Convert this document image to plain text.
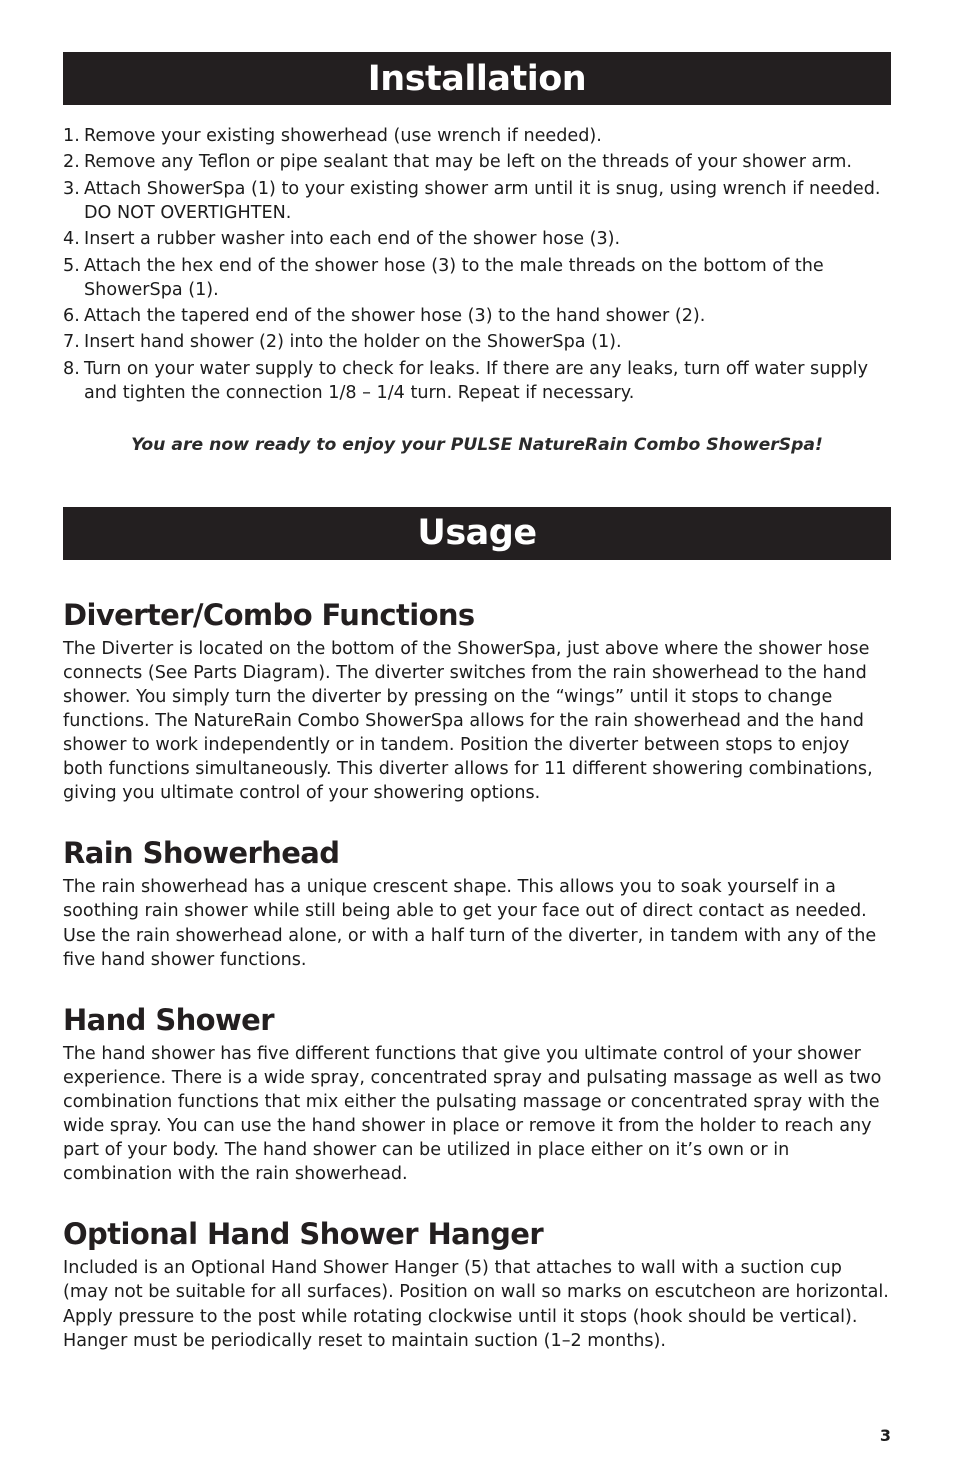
Installation
1. Remove your existing showerhead (use wrench if needed).
2. Remove any Teflon or pipe sealant that may be left on the threads of your shower arm.
3. Attach ShowerSpa (1) to your existing shower arm until it is snug, using wrench if needed. DO NOT OVERTIGHTEN.
4. Insert a rubber washer into each end of the shower hose (3).
5. Attach the hex end of the shower hose (3) to the male threads on the bottom of the ShowerSpa (1).
6. Attach the tapered end of the shower hose (3) to the hand shower (2).
7. Insert hand shower (2) into the holder on the ShowerSpa (1).
8. Turn on your water supply to check for leaks. If there are any leaks, turn off water supply and tighten the connection 1/8 – 1/4 turn. Repeat if necessary.
You are now ready to enjoy your PULSE NatureRain Combo ShowerSpa!
Usage
Diverter/Combo Functions

The Diverter is located on the bottom of the ShowerSpa, just above where the shower hose connects (See Parts Diagram). The diverter switches from the rain showerhead to the hand shower. You simply turn the diverter by pressing on the “wings” until it stops to change functions. The NatureRain Combo ShowerSpa allows for the rain showerhead and the hand shower to work independently or in tandem. Position the diverter between stops to enjoy both functions simultaneously. This diverter allows for 11 different showering combinations, giving you ultimate control of your showering options.

Rain Showerhead

The rain showerhead has a unique crescent shape. This allows you to soak yourself in a soothing rain shower while still being able to get your face out of direct contact as needed. Use the rain showerhead alone, or with a half turn of the diverter, in tandem with any of the five hand shower functions.

Hand Shower

The hand shower has five different functions that give you ultimate control of your shower experience. There is a wide spray, concentrated spray and pulsating massage as well as two combination functions that mix either the pulsating massage or concentrated spray with the wide spray. You can use the hand shower in place or remove it from the holder to reach any part of your body. The hand shower can be utilized in place either on it’s own or in combination with the rain showerhead.

Optional Hand Shower Hanger

Included is an Optional Hand Shower Hanger (5) that attaches to wall with a suction cup (may not be suitable for all surfaces). Position on wall so marks on escutcheon are horizontal. Apply pressure to the post while rotating clockwise until it stops (hook should be vertical). Hanger must be periodically reset to maintain suction (1–2 months).

3
